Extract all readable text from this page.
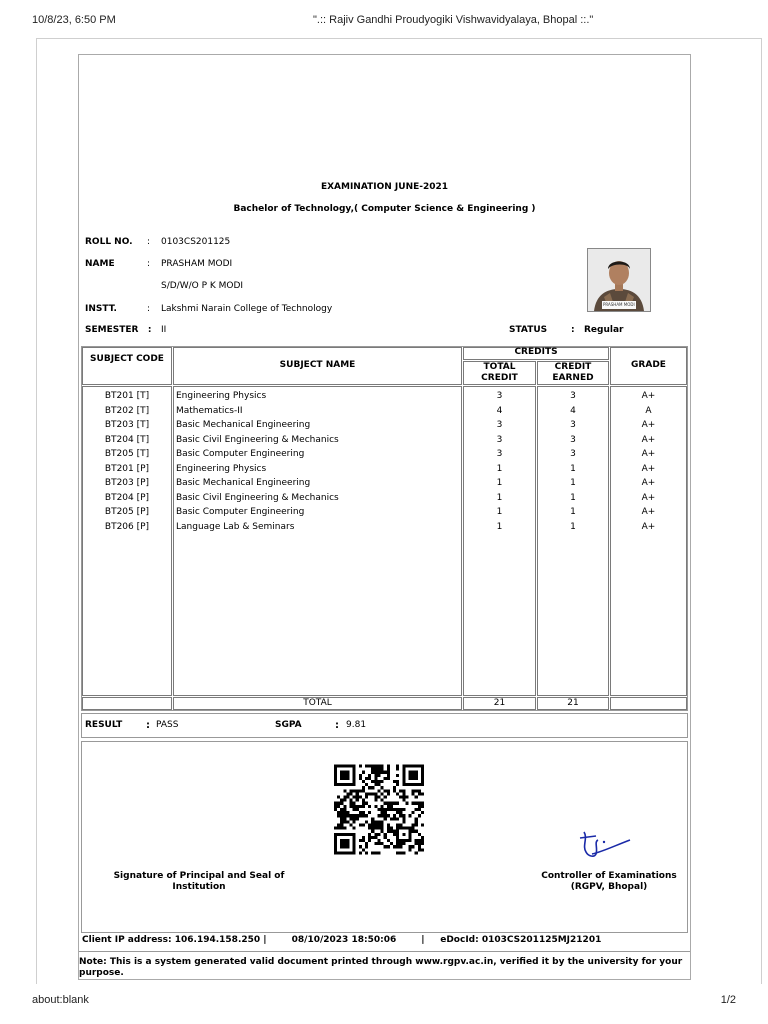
10/8/23, 6:50 PM	".:: Rajiv Gandhi Proudyogiki Vishwavidyalaya, Bhopal ::."
about:blank	1/2
EXAMINATION JUNE-2021
Bachelor of Technology,( Computer Science & Engineering )
ROLL NO. : 0103CS201125
NAME	: PRASHAM MODI
S/D/W/O P K MODI
INSTT.	: Lakshmi Narain College of Technology	PRASHAM MODI
SEMESTER : II	STATUS	: Regular
SUBJECT CODE
SUBJECT NAME
CREDITS
TOTAL CREDIT
CREDIT EARNED
GRADE
BT201 [T]	Engineering Physics	3	3	A+
BT202 [T]	Mathematics-II	4	4	A
BT203 [T]	Basic Mechanical Engineering	3	3	A+
BT204 [T]	Basic Civil Engineering & Mechanics	3	3	A+
BT205 [T]	Basic Computer Engineering	3	3	A+
BT201 [P]	Engineering Physics	1	1	A+
BT203 [P]	Basic Mechanical Engineering	1	1	A+
BT204 [P]	Basic Civil Engineering & Mechanics	1	1	A+
BT205 [P]	Basic Computer Engineering	1	1	A+
BT206 [P]	Language Lab & Seminars	1	1	A+
TOTAL	21	21
RESULT : PASS	SGPA	: 9.81
Signature of Principal and Seal of Institution
Controller of Examinations (RGPV, Bhopal)
Client IP address: 106.194.158.250 |        08/10/2023 18:50:06        |     eDocId: 0103CS201125MJ21201
Note: This is a system generated valid document printed through www.rgpv.ac.in, verified it by the university for your purpose.
